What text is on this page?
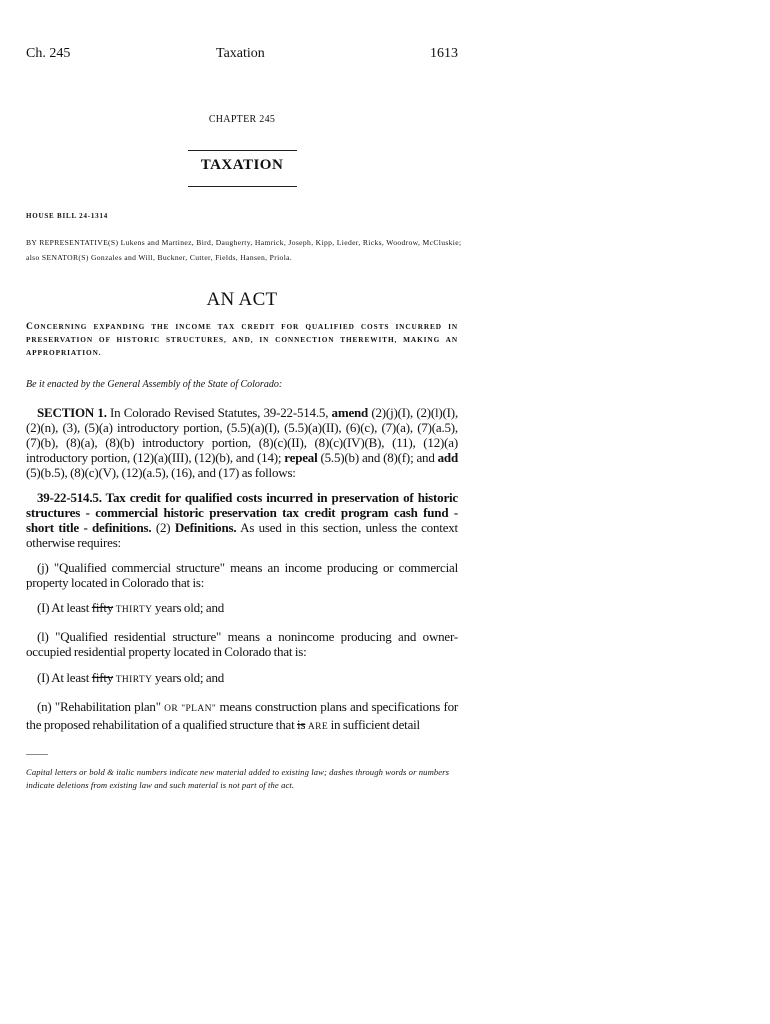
Ch. 245	Taxation	1613
CHAPTER 245
TAXATION
HOUSE BILL 24-1314
BY REPRESENTATIVE(S) Lukens and Martinez, Bird, Daugherty, Hamrick, Joseph, Kipp, Lieder, Ricks, Woodrow, McCluskie;
also SENATOR(S) Gonzales and Will, Buckner, Cutter, Fields, Hansen, Priola.
AN ACT
CONCERNING EXPANDING THE INCOME TAX CREDIT FOR QUALIFIED COSTS INCURRED IN PRESERVATION OF HISTORIC STRUCTURES, AND, IN CONNECTION THEREWITH, MAKING AN APPROPRIATION.
Be it enacted by the General Assembly of the State of Colorado:

SECTION 1. In Colorado Revised Statutes, 39-22-514.5, amend (2)(j)(I), (2)(l)(I), (2)(n), (3), (5)(a) introductory portion, (5.5)(a)(I), (5.5)(a)(II), (6)(c), (7)(a), (7)(a.5), (7)(b), (8)(a), (8)(b) introductory portion, (8)(c)(II), (8)(c)(IV)(B), (11), (12)(a) introductory portion, (12)(a)(III), (12)(b), and (14); repeal (5.5)(b) and (8)(f); and add (5)(b.5), (8)(c)(V), (12)(a.5), (16), and (17) as follows:

39-22-514.5. Tax credit for qualified costs incurred in preservation of historic structures - commercial historic preservation tax credit program cash fund - short title - definitions. (2) Definitions. As used in this section, unless the context otherwise requires:

(j) "Qualified commercial structure" means an income producing or commercial property located in Colorado that is:

(I) At least fifty THIRTY years old; and

(l) "Qualified residential structure" means a nonincome producing and owner-occupied residential property located in Colorado that is:

(I) At least fifty THIRTY years old; and

(n) "Rehabilitation plan" OR "PLAN" means construction plans and specifications for the proposed rehabilitation of a qualified structure that is ARE in sufficient detail

______
Capital letters or bold & italic numbers indicate new material added to existing law; dashes through words or numbers indicate deletions from existing law and such material is not part of the act.
